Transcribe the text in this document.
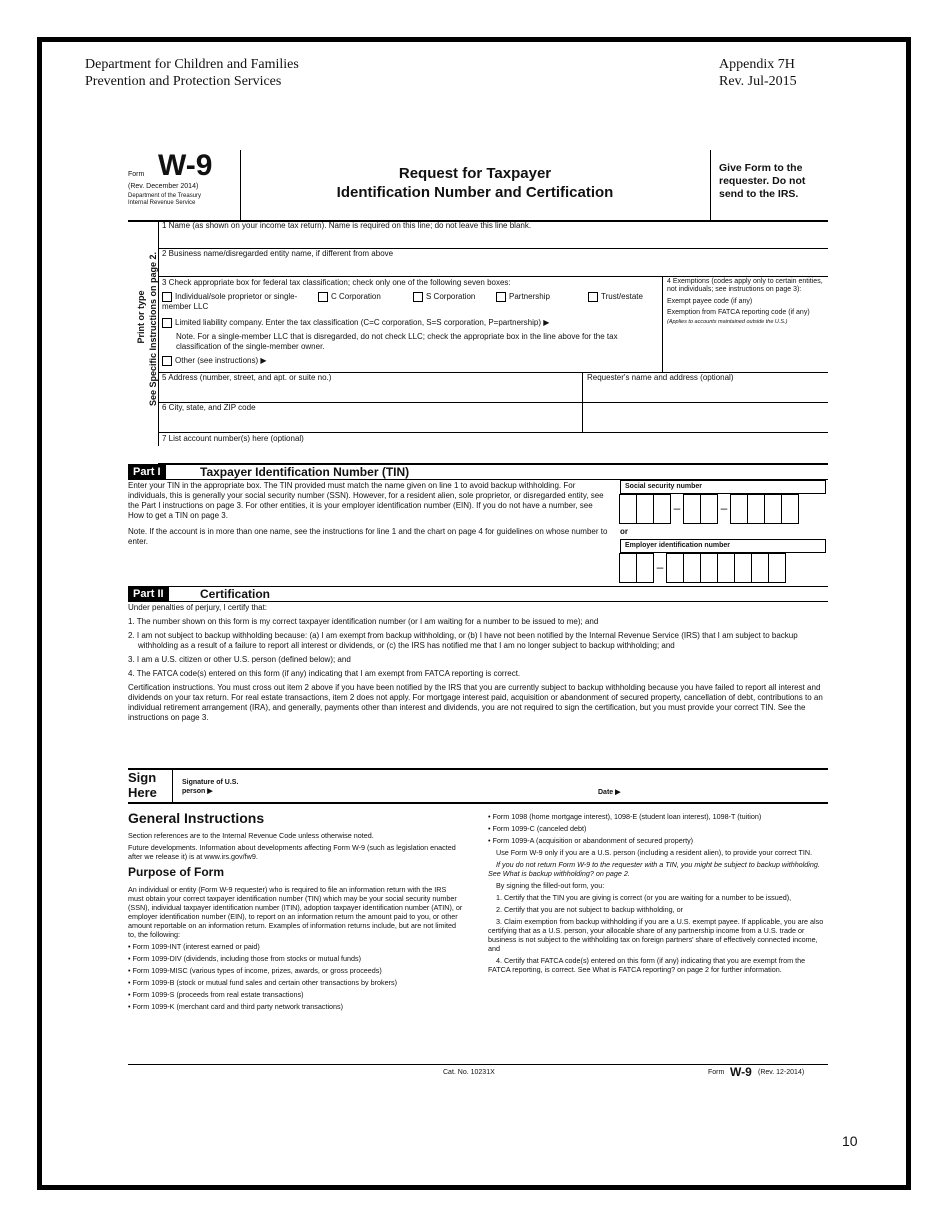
Department for Children and Families
Prevention and Protection Services
Appendix 7H
Rev. Jul-2015
Form W-9
(Rev. December 2014)
Department of the Treasury
Internal Revenue Service
Request for Taxpayer
Identification Number and Certification
Give Form to the requester. Do not send to the IRS.
Print or type See Specific Instructions on page 2.
1 Name (as shown on your income tax return). Name is required on this line; do not leave this line blank.
2 Business name/disregarded entity name, if different from above
3 Check appropriate box for federal tax classification; check only one of the following seven boxes:
Individual/sole proprietor or single-member LLC
C Corporation	S Corporation	Partnership	Trust/estate
Limited liability company. Enter the tax classification (C=C corporation, S=S corporation, P=partnership) ▶
Note. For a single-member LLC that is disregarded, do not check LLC; check the appropriate box in the line above for the tax classification of the single-member owner.
Other (see instructions) ▶
4 Exemptions (codes apply only to certain entities, not individuals; see instructions on page 3):
Exempt payee code (if any)
Exemption from FATCA reporting code (if any)
(Applies to accounts maintained outside the U.S.)
5 Address (number, street, and apt. or suite no.)	Requester's name and address (optional)
6 City, state, and ZIP code
7 List account number(s) here (optional)
Part I	Taxpayer Identification Number (TIN)
Enter your TIN in the appropriate box. The TIN provided must match the name given on line 1 to avoid backup withholding. For individuals, this is generally your social security number (SSN). However, for a resident alien, sole proprietor, or disregarded entity, see the Part I instructions on page 3. For other entities, it is your employer identification number (EIN). If you do not have a number, see How to get a TIN on page 3.
Note. If the account is in more than one name, see the instructions for line 1 and the chart on page 4 for guidelines on whose number to enter.
Social security number
–	–
or
Employer identification number
–
Part II	Certification

Under penalties of perjury, I certify that:

1. The number shown on this form is my correct taxpayer identification number (or I am waiting for a number to be issued to me); and

2. I am not subject to backup withholding because: (a) I am exempt from backup withholding, or (b) I have not been notified by the Internal Revenue Service (IRS) that I am subject to backup withholding as a result of a failure to report all interest or dividends, or (c) the IRS has notified me that I am no longer subject to backup withholding; and

3. I am a U.S. citizen or other U.S. person (defined below); and

4. The FATCA code(s) entered on this form (if any) indicating that I am exempt from FATCA reporting is correct.

Certification instructions. You must cross out item 2 above if you have been notified by the IRS that you are currently subject to backup withholding because you have failed to report all interest and dividends on your tax return. For real estate transactions, item 2 does not apply. For mortgage interest paid, acquisition or abandonment of secured property, cancellation of debt, contributions to an individual retirement arrangement (IRA), and generally, payments other than interest and dividends, you are not required to sign the certification, but you must provide your correct TIN. See the instructions on page 3.

Sign Here
Signature of U.S. person ▶	Date ▶
General Instructions

Section references are to the Internal Revenue Code unless otherwise noted.

Future developments. Information about developments affecting Form W-9 (such as legislation enacted after we release it) is at www.irs.gov/fw9.

Purpose of Form

An individual or entity (Form W-9 requester) who is required to file an information return with the IRS must obtain your correct taxpayer identification number (TIN) which may be your social security number (SSN), individual taxpayer identification number (ITIN), adoption taxpayer identification number (ATIN), or employer identification number (EIN), to report on an information return the amount paid to you, or other amount reportable on an information return. Examples of information returns include, but are not limited to, the following:

• Form 1099-INT (interest earned or paid)

• Form 1099-DIV (dividends, including those from stocks or mutual funds)

• Form 1099-MISC (various types of income, prizes, awards, or gross proceeds)

• Form 1099-B (stock or mutual fund sales and certain other transactions by brokers)

• Form 1099-S (proceeds from real estate transactions)

• Form 1099-K (merchant card and third party network transactions)

• Form 1098 (home mortgage interest), 1098-E (student loan interest), 1098-T (tuition)

• Form 1099-C (canceled debt)

• Form 1099-A (acquisition or abandonment of secured property)

Use Form W-9 only if you are a U.S. person (including a resident alien), to provide your correct TIN.

If you do not return Form W-9 to the requester with a TIN, you might be subject to backup withholding. See What is backup withholding? on page 2.

By signing the filled-out form, you:

1. Certify that the TIN you are giving is correct (or you are waiting for a number to be issued),

2. Certify that you are not subject to backup withholding, or

3. Claim exemption from backup withholding if you are a U.S. exempt payee. If applicable, you are also certifying that as a U.S. person, your allocable share of any partnership income from a U.S. trade or business is not subject to the withholding tax on foreign partners' share of effectively connected income, and

4. Certify that FATCA code(s) entered on this form (if any) indicating that you are exempt from the FATCA reporting, is correct. See What is FATCA reporting? on page 2 for further information.

Cat. No. 10231X	Form W-9 (Rev. 12-2014)
10
